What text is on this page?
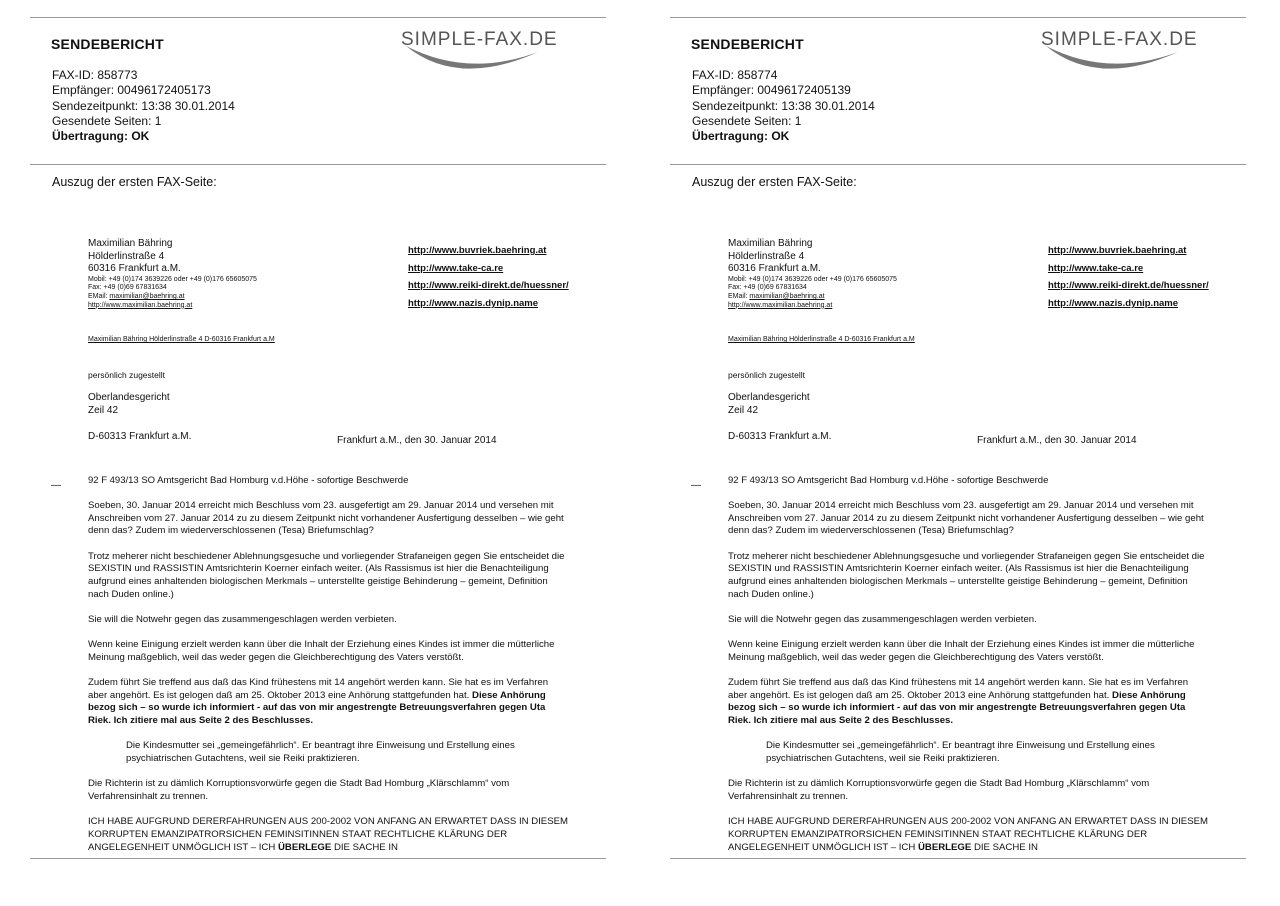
SENDEBERICHT	SIMPLE-FAX.DE
FAX-ID: 858773
Empfänger: 00496172405173
Sendezeitpunkt: 13:38 30.01.2014
Gesendete Seiten: 1
Übertragung: OK
Auszug der ersten FAX-Seite:
Maximilian Bähring
Hölderlinstraße 4
60316 Frankfurt a.M.
Mobil: +49 (0)174 3639226 oder +49 (0)176 65605075
Fax: +49 (0)69 67831634
EMail: maximilian@baehring.at
http://www.maximilian.baehring.at
http://www.buvriek.baehring.at
http://www.take-ca.re
http://www.reiki-direkt.de/huessner/
http://www.nazis.dynip.name
Maximilian Bähring Hölderlinstraße 4 D-60316 Frankfurt a.M
persönlich zugestellt
Oberlandesgericht
Zeil 42
D-60313 Frankfurt a.M.	Frankfurt a.M., den 30. Januar 2014
—	92 F 493/13 SO Amtsgericht Bad Homburg v.d.Höhe - sofortige Beschwerde

Soeben, 30. Januar 2014 erreicht mich Beschluss vom 23. ausgefertigt am 29. Januar 2014 und versehen mit Anschreiben vom 27. Januar 2014 zu zu diesem Zeitpunkt nicht vorhandener Ausfertigung desselben – wie geht denn das? Zudem im wiederverschlossenen (Tesa) Briefumschlag?

Trotz meherer nicht beschiedener Ablehnungsgesuche und vorliegender Strafaneigen gegen Sie entscheidet die SEXISTIN und RASSISTIN Amtsrichterin Koerner einfach weiter. (Als Rassismus ist hier die Benachteiligung aufgrund eines anhaltenden biologischen Merkmals – unterstellte geistige Behinderung – gemeint, Definition nach Duden online.)

Sie will die Notwehr gegen das zusammengeschlagen werden verbieten.

Wenn keine Einigung erzielt werden kann über die Inhalt der Erziehung eines Kindes ist immer die mütterliche Meinung maßgeblich, weil das weder gegen die Gleichberechtigung des Vaters verstößt.

Zudem führt Sie treffend aus daß das Kind frühestens mit 14 angehört werden kann. Sie hat es im Verfahren aber angehört. Es ist gelogen daß am 25. Oktober 2013 eine Anhörung stattgefunden hat. Diese Anhörung bezog sich – so wurde ich informiert - auf das von mir angestrengte Betreuungsverfahren gegen Uta Riek. Ich zitiere mal aus Seite 2 des Beschlusses.

Die Kindesmutter sei „gemeingefährlich“. Er beantragt ihre Einweisung und Erstellung eines psychiatrischen Gutachtens, weil sie Reiki praktizieren.

Die Richterin ist zu dämlich Korruptionsvorwürfe gegen die Stadt Bad Homburg „Klärschlamm“ vom Verfahrensinhalt zu trennen.

ICH HABE AUFGRUND DERERFAHRUNGEN AUS 200-2002 VON ANFANG AN ERWARTET DASS IN DIESEM KORRUPTEN EMANZIPATRORSICHEN FEMINSITINNEN STAAT RECHTLICHE KLÄRUNG DER ANGELEGENHEIT UNMÖGLICH IST – ICH ÜBERLEGE DIE SACHE IN

SENDEBERICHT	SIMPLE-FAX.DE
FAX-ID: 858774
Empfänger: 00496172405139
Sendezeitpunkt: 13:38 30.01.2014
Gesendete Seiten: 1
Übertragung: OK
Auszug der ersten FAX-Seite:
Maximilian Bähring
Hölderlinstraße 4
60316 Frankfurt a.M.
Mobil: +49 (0)174 3639226 oder +49 (0)176 65605075
Fax: +49 (0)69 67831634
EMail: maximilian@baehring.at
http://www.maximilian.baehring.at
http://www.buvriek.baehring.at
http://www.take-ca.re
http://www.reiki-direkt.de/huessner/
http://www.nazis.dynip.name
Maximilian Bähring Hölderlinstraße 4 D-60316 Frankfurt a.M
persönlich zugestellt
Oberlandesgericht
Zeil 42
D-60313 Frankfurt a.M.	Frankfurt a.M., den 30. Januar 2014
—	92 F 493/13 SO Amtsgericht Bad Homburg v.d.Höhe - sofortige Beschwerde

Soeben, 30. Januar 2014 erreicht mich Beschluss vom 23. ausgefertigt am 29. Januar 2014 und versehen mit Anschreiben vom 27. Januar 2014 zu zu diesem Zeitpunkt nicht vorhandener Ausfertigung desselben – wie geht denn das? Zudem im wiederverschlossenen (Tesa) Briefumschlag?

Trotz meherer nicht beschiedener Ablehnungsgesuche und vorliegender Strafaneigen gegen Sie entscheidet die SEXISTIN und RASSISTIN Amtsrichterin Koerner einfach weiter. (Als Rassismus ist hier die Benachteiligung aufgrund eines anhaltenden biologischen Merkmals – unterstellte geistige Behinderung – gemeint, Definition nach Duden online.)

Sie will die Notwehr gegen das zusammengeschlagen werden verbieten.

Wenn keine Einigung erzielt werden kann über die Inhalt der Erziehung eines Kindes ist immer die mütterliche Meinung maßgeblich, weil das weder gegen die Gleichberechtigung des Vaters verstößt.

Zudem führt Sie treffend aus daß das Kind frühestens mit 14 angehört werden kann. Sie hat es im Verfahren aber angehört. Es ist gelogen daß am 25. Oktober 2013 eine Anhörung stattgefunden hat. Diese Anhörung bezog sich – so wurde ich informiert - auf das von mir angestrengte Betreuungsverfahren gegen Uta Riek. Ich zitiere mal aus Seite 2 des Beschlusses.

Die Kindesmutter sei „gemeingefährlich“. Er beantragt ihre Einweisung und Erstellung eines psychiatrischen Gutachtens, weil sie Reiki praktizieren.

Die Richterin ist zu dämlich Korruptionsvorwürfe gegen die Stadt Bad Homburg „Klärschlamm“ vom Verfahrensinhalt zu trennen.

ICH HABE AUFGRUND DERERFAHRUNGEN AUS 200-2002 VON ANFANG AN ERWARTET DASS IN DIESEM KORRUPTEN EMANZIPATRORSICHEN FEMINSITINNEN STAAT RECHTLICHE KLÄRUNG DER ANGELEGENHEIT UNMÖGLICH IST – ICH ÜBERLEGE DIE SACHE IN
